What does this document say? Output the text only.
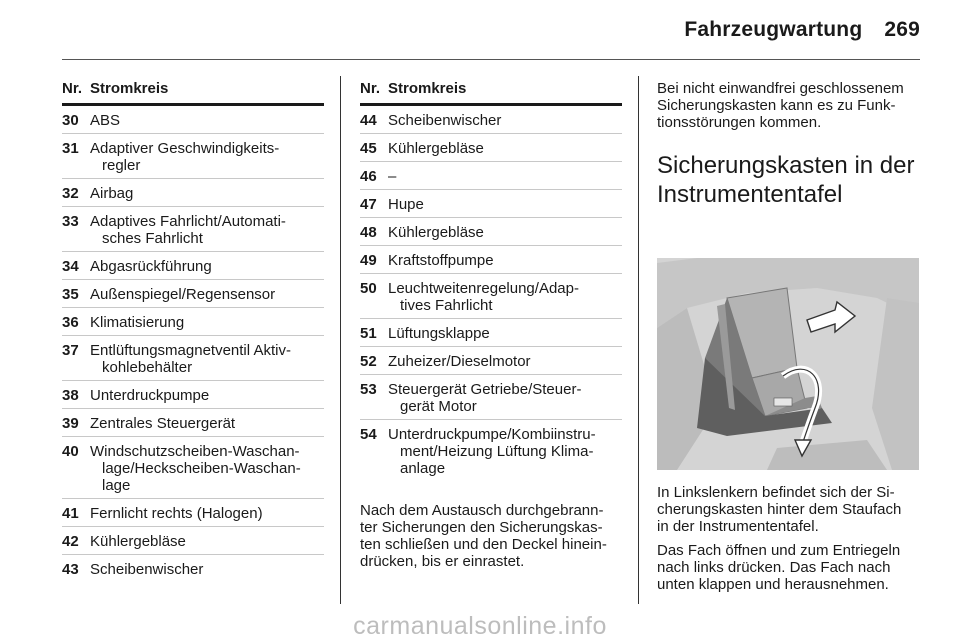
Fahrzeugwartung 269
Nr. Stromkreis
30 ABS
31 Adaptiver Geschwindigkeits-
regler
32 Airbag
33 Adaptives Fahrlicht/Automati-
sches Fahrlicht
34 Abgasrückführung
35 Außenspiegel/Regensensor
36 Klimatisierung
37 Entlüftungsmagnetventil Aktiv-
kohlebehälter
38 Unterdruckpumpe
39 Zentrales Steuergerät
40 Windschutzscheiben-Waschan-
lage/Heckscheiben-Waschan-
lage
41 Fernlicht rechts (Halogen)
42 Kühlergebläse
43 Scheibenwischer
Nr. Stromkreis
44 Scheibenwischer
45 Kühlergebläse
46 –
47 Hupe
48 Kühlergebläse
49 Kraftstoffpumpe
50 Leuchtweitenregelung/Adap-
tives Fahrlicht
51 Lüftungsklappe
52 Zuheizer/Dieselmotor
53 Steuergerät Getriebe/Steuer-
gerät Motor
54 Unterdruckpumpe/Kombiinstru-
ment/Heizung Lüftung Klima-
anlage
Nach dem Austausch durchgebrann-
ter Sicherungen den Sicherungskas-
ten schließen und den Deckel hinein-
drücken, bis er einrastet.
Bei nicht einwandfrei geschlossenem
Sicherungskasten kann es zu Funk-
tionsstörungen kommen.
Sicherungskasten in der
Instrumententafel
In Linkslenkern befindet sich der Si-
cherungskasten hinter dem Staufach
in der Instrumententafel.
Das Fach öffnen und zum Entriegeln
nach links drücken. Das Fach nach
unten klappen und herausnehmen.
carmanualsonline.info
